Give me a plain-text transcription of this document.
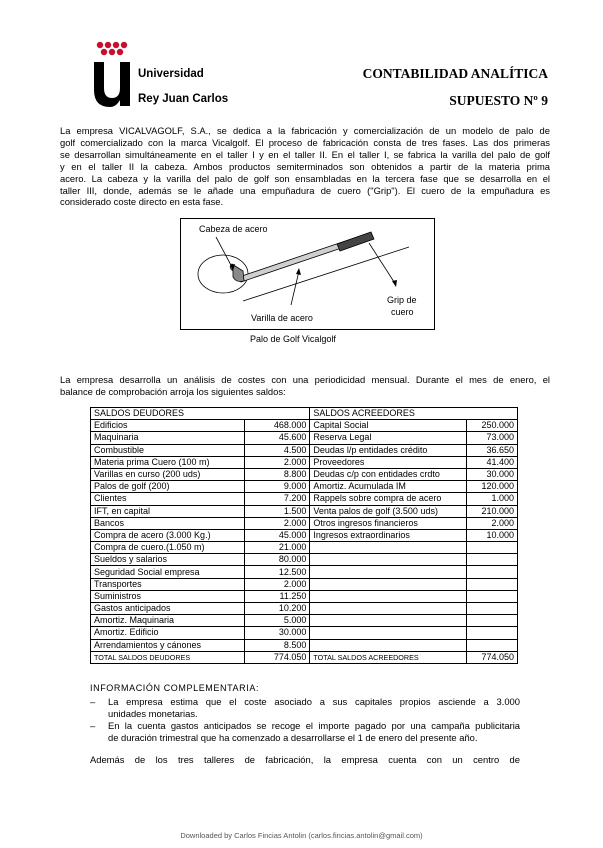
Universidad
Rey Juan Carlos
CONTABILIDAD ANALÍTICA
SUPUESTO Nº 9
La empresa VICALVAGOLF, S.A., se dedica a la fabricación y comercialización de un modelo de palo de
golf comercializado con la marca Vicalgolf. El proceso de fabricación consta de tres fases. Las dos primeras
se desarrollan simultáneamente en el taller I y en el taller II. En el taller I, se fabrica la varilla del palo de golf
y en el taller II la cabeza. Ambos productos semiterminados son obtenidos a partir de la materia prima
acero. La cabeza y la varilla del palo de golf son ensambladas en la tercera fase que se desarrolla en el
taller III, donde, además se le añade una empuñadura de cuero ("Grip"). El cuero de la empuñadura es
considerado coste directo en esta fase.
Cabeza de acero
Grip de
cuero
Varilla de acero
Palo de Golf Vicalgolf
La empresa desarrolla un análisis de costes con una periodicidad mensual. Durante el mes de enero, el
balance de comprobación arroja los siguientes saldos:
SALDOS DEUDORES		SALDOS ACREEDORES	
Edificios	468.000	Capital Social	250.000
Maquinaria	45.600	Reserva Legal	73.000
Combustible	4.500	Deudas l/p entidades crédito	36.650
Materia prima Cuero (100 m)	2.000	Proveedores	41.400
Varillas en curso (200 uds)	8.800	Deudas c/p con entidades crdto	30.000
Palos de golf (200)	9.000	Amortiz. Acumulada IM	120.000
Clientes	7.200	Rappels sobre compra de acero	1.000
IFT, en capital	1.500	Venta palos de golf (3.500 uds)	210.000
Bancos	2.000	Otros ingresos financieros	2.000
Compra de acero (3.000 Kg.)	45.000	Ingresos extraordinarios	10.000
Compra de cuero.(1.050 m)	21.000		
Sueldos y salarios	80.000		
Seguridad Social empresa	12.500		
Transportes	2.000		
Suministros	11.250		
Gastos anticipados	10.200		
Amortiz. Maquinaria	5.000		
Amortiz. Edificio	30.000		
Arrendamientos y cánones	8.500		
TOTAL SALDOS DEUDORES	774.050	TOTAL SALDOS ACREEDORES	774.050
INFORMACIÓN COMPLEMENTARIA:
– La empresa estima que el coste asociado a sus capitales propios asciende a 3.000
unidades monetarias.
– En la cuenta gastos anticipados se recoge el importe pagado por una campaña publicitaria
de duración trimestral que ha comenzado a desarrollarse el 1 de enero del presente año.
Además de los tres talleres de fabricación, la empresa cuenta con un centro de
Downloaded by Carlos Fincias Antolin (carlos.fincias.antolin@gmail.com)
